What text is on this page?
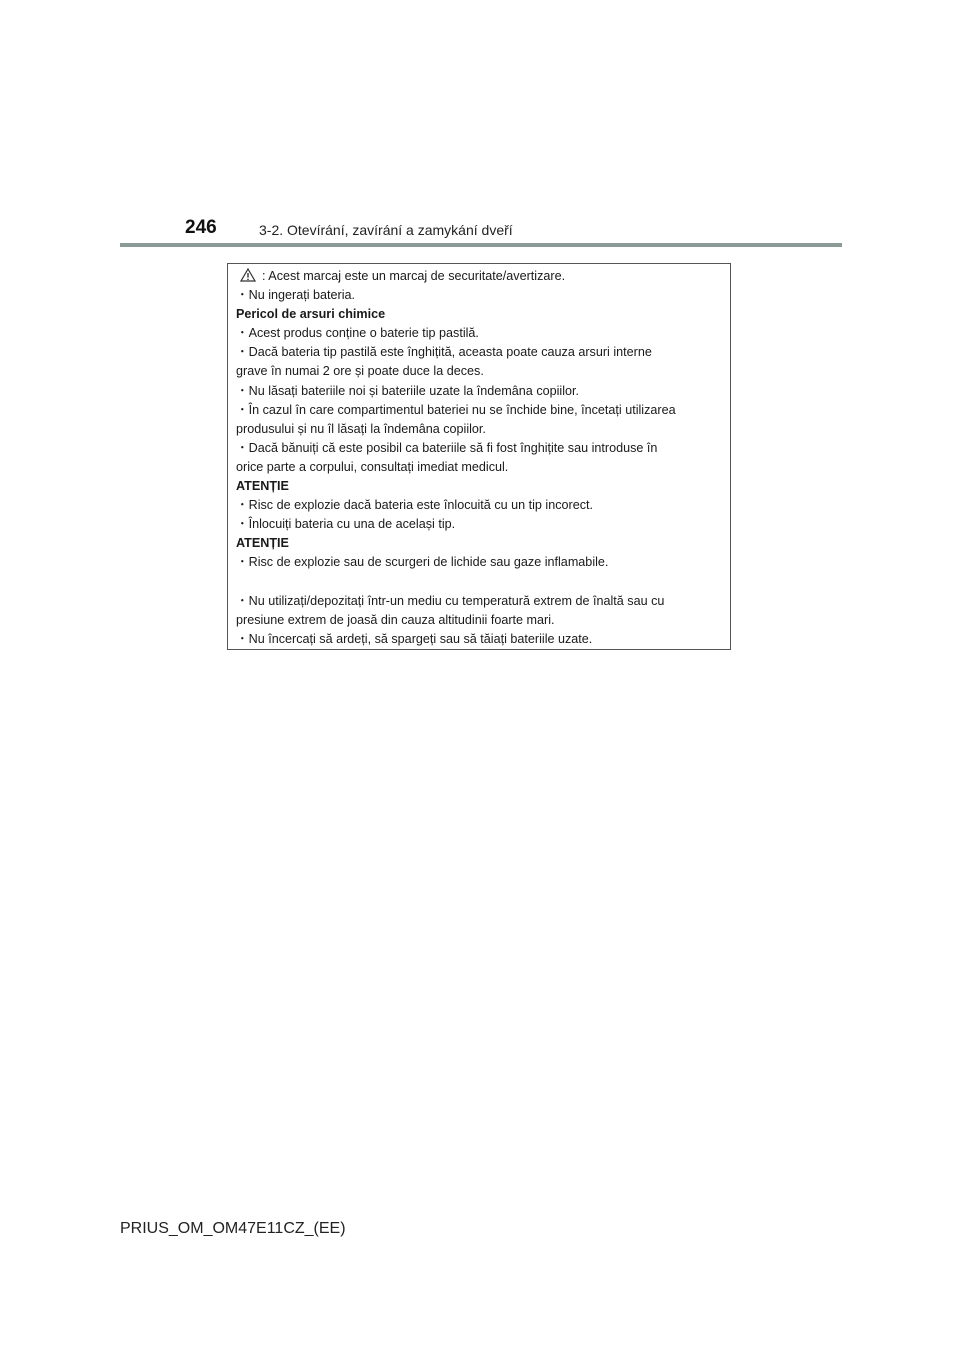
246	3-2. Otevírání, zavírání a zamykání dveří
: Acest marcaj este un marcaj de securitate/avertizare.
・Nu ingerați bateria.
Pericol de arsuri chimice
・Acest produs conține o baterie tip pastilă.
・Dacă bateria tip pastilă este înghițită, aceasta poate cauza arsuri interne
grave în numai 2 ore și poate duce la deces.
・Nu lăsați bateriile noi și bateriile uzate la îndemâna copiilor.
・În cazul în care compartimentul bateriei nu se închide bine, încetați utilizarea
produsului și nu îl lăsați la îndemâna copiilor.
・Dacă bănuiți că este posibil ca bateriile să fi fost înghițite sau introduse în
orice parte a corpului, consultați imediat medicul.
ATENȚIE
・Risc de explozie dacă bateria este înlocuită cu un tip incorect.
・Înlocuiți bateria cu una de același tip.
ATENȚIE
・Risc de explozie sau de scurgeri de lichide sau gaze inflamabile.
・Nu utilizați/depozitați într-un mediu cu temperatură extrem de înaltă sau cu
presiune extrem de joasă din cauza altitudinii foarte mari.
・Nu încercați să ardeți, să spargeți sau să tăiați bateriile uzate.
PRIUS_OM_OM47E11CZ_(EE)
